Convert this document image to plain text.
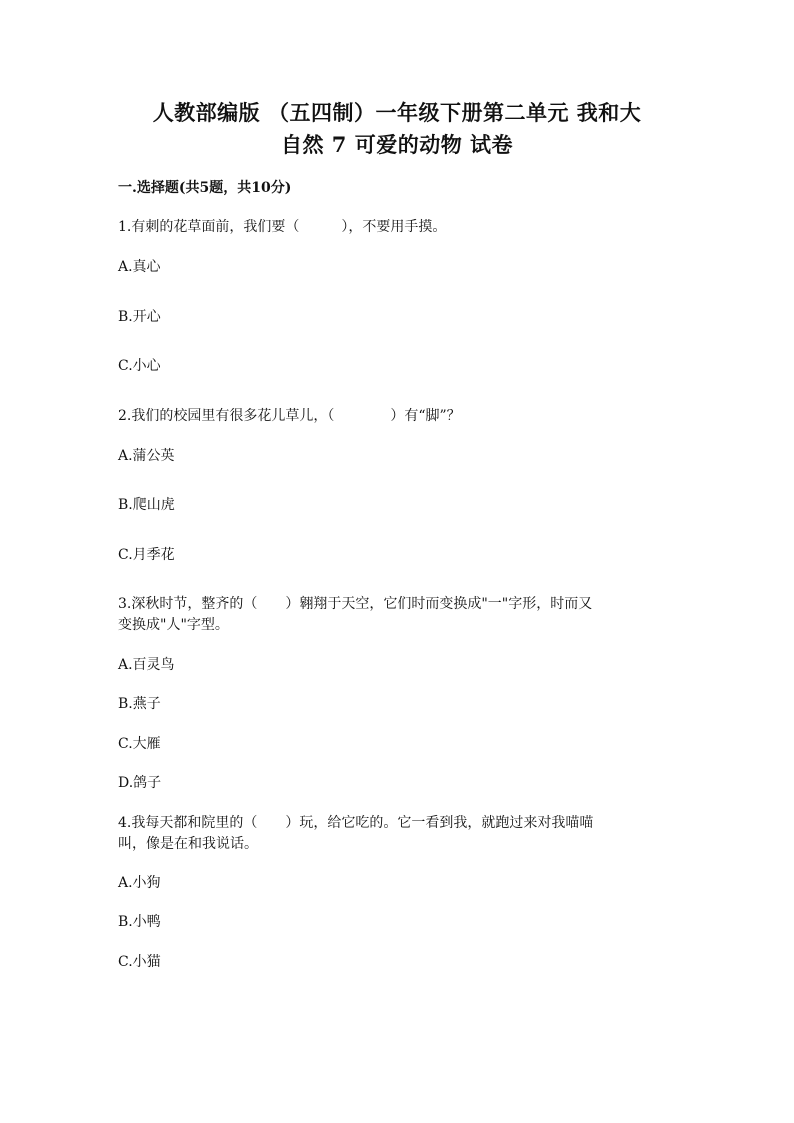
人教部编版 （五四制）一年级下册第二单元 我和大
自然 7 可爱的动物 试卷
一.选择题(共5题，共10分)
1.有刺的花草面前，我们要（　　　），不要用手摸。
A.真心
B.开心
C.小心
2.我们的校园里有很多花儿草儿，（　　　　）有“脚”？
A.蒲公英
B.爬山虎
C.月季花
3.深秋时节，整齐的（　　）翱翔于天空，它们时而变换成"一"字形，时而又
变换成"人"字型。
A.百灵鸟
B.燕子
C.大雁
D.鸽子
4.我每天都和院里的（　　）玩，给它吃的。它一看到我，就跑过来对我喵喵
叫，像是在和我说话。
A.小狗
B.小鸭
C.小猫
